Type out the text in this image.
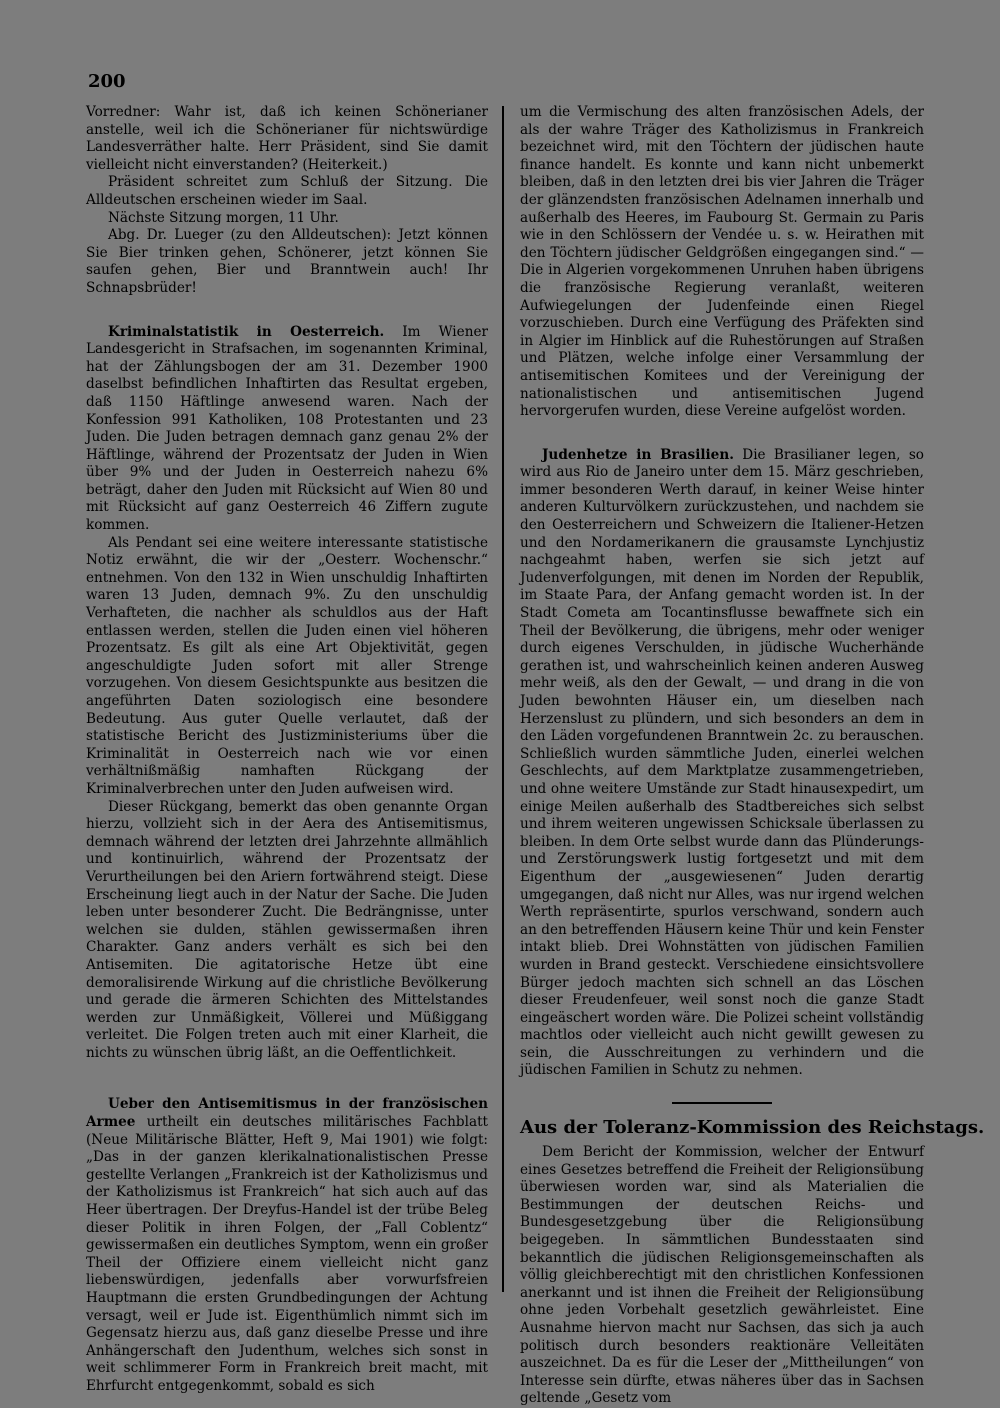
200

Vorredner: Wahr ist, daß ich keinen Schönerianer anstelle, weil ich die Schönerianer für nichtswürdige Landesverräther halte. Herr Präsident, sind Sie damit vielleicht nicht einverstanden? (Heiterkeit.)

Präsident schreitet zum Schluß der Sitzung. Die Alldeutschen erscheinen wieder im Saal.

Nächste Sitzung morgen, 11 Uhr.

Abg. Dr. Lueger (zu den Alldeutschen): Jetzt können Sie Bier trinken gehen, Schönerer, jetzt können Sie saufen gehen, Bier und Branntwein auch! Ihr Schnapsbrüder!

Kriminalstatistik in Oesterreich. Im Wiener Landesgericht in Strafsachen, im sogenannten Kriminal, hat der Zählungsbogen der am 31. Dezember 1900 daselbst befindlichen Inhaftirten das Resultat ergeben, daß 1150 Häftlinge anwesend waren. Nach der Konfession 991 Katholiken, 108 Protestanten und 23 Juden. Die Juden betragen demnach ganz genau 2% der Häftlinge, während der Prozentsatz der Juden in Wien über 9% und der Juden in Oesterreich nahezu 6% beträgt, daher den Juden mit Rücksicht auf Wien 80 und mit Rücksicht auf ganz Oesterreich 46 Ziffern zugute kommen.

Als Pendant sei eine weitere interessante statistische Notiz erwähnt, die wir der „Oesterr. Wochenschr.“ entnehmen. Von den 132 in Wien unschuldig Inhaftirten waren 13 Juden, demnach 9%. Zu den unschuldig Verhafteten, die nachher als schuldlos aus der Haft entlassen werden, stellen die Juden einen viel höheren Prozentsatz. Es gilt als eine Art Objektivität, gegen angeschuldigte Juden sofort mit aller Strenge vorzugehen. Von diesem Gesichtspunkte aus besitzen die angeführten Daten soziologisch eine besondere Bedeutung. Aus guter Quelle verlautet, daß der statistische Bericht des Justizministeriums über die Kriminalität in Oesterreich nach wie vor einen verhältnißmäßig namhaften Rückgang der Kriminalverbrechen unter den Juden aufweisen wird.

Dieser Rückgang, bemerkt das oben genannte Organ hierzu, vollzieht sich in der Aera des Antisemitismus, demnach während der letzten drei Jahrzehnte allmählich und kontinuirlich, während der Prozentsatz der Verurtheilungen bei den Ariern fortwährend steigt. Diese Erscheinung liegt auch in der Natur der Sache. Die Juden leben unter besonderer Zucht. Die Bedrängnisse, unter welchen sie dulden, stählen gewissermaßen ihren Charakter. Ganz anders verhält es sich bei den Antisemiten. Die agitatorische Hetze übt eine demoralisirende Wirkung auf die christliche Bevölkerung und gerade die ärmeren Schichten des Mittelstandes werden zur Unmäßigkeit, Völlerei und Müßiggang verleitet. Die Folgen treten auch mit einer Klarheit, die nichts zu wünschen übrig läßt, an die Oeffentlichkeit.

Ueber den Antisemitismus in der französischen Armee urtheilt ein deutsches militärisches Fachblatt (Neue Militärische Blätter, Heft 9, Mai 1901) wie folgt: „Das in der ganzen klerikalnationalistischen Presse gestellte Verlangen „Frankreich ist der Katholizismus und der Katholizismus ist Frankreich“ hat sich auch auf das Heer übertragen. Der Dreyfus-Handel ist der trübe Beleg dieser Politik in ihren Folgen, der „Fall Coblentz“ gewissermaßen ein deutliches Symptom, wenn ein großer Theil der Offiziere einem vielleicht nicht ganz liebenswürdigen, jedenfalls aber vorwurfsfreien Hauptmann die ersten Grundbedingungen der Achtung versagt, weil er Jude ist. Eigenthümlich nimmt sich im Gegensatz hierzu aus, daß ganz dieselbe Presse und ihre Anhängerschaft den Judenthum, welches sich sonst in weit schlimmerer Form in Frankreich breit macht, mit Ehrfurcht entgegenkommt, sobald es sich

um die Vermischung des alten französischen Adels, der als der wahre Träger des Katholizismus in Frankreich bezeichnet wird, mit den Töchtern der jüdischen haute finance handelt. Es konnte und kann nicht unbemerkt bleiben, daß in den letzten drei bis vier Jahren die Träger der glänzendsten französischen Adelnamen innerhalb und außerhalb des Heeres, im Faubourg St. Germain zu Paris wie in den Schlössern der Vendée u. s. w. Heirathen mit den Töchtern jüdischer Geldgrößen eingegangen sind.“ — Die in Algerien vorgekommenen Unruhen haben übrigens die französische Regierung veranlaßt, weiteren Aufwiegelungen der Judenfeinde einen Riegel vorzuschieben. Durch eine Verfügung des Präfekten sind in Algier im Hinblick auf die Ruhestörungen auf Straßen und Plätzen, welche infolge einer Versammlung der antisemitischen Komitees und der Vereinigung der nationalistischen und antisemitischen Jugend hervorgerufen wurden, diese Vereine aufgelöst worden.

Judenhetze in Brasilien. Die Brasilianer legen, so wird aus Rio de Janeiro unter dem 15. März geschrieben, immer besonderen Werth darauf, in keiner Weise hinter anderen Kulturvölkern zurückzustehen, und nachdem sie den Oesterreichern und Schweizern die Italiener-Hetzen und den Nordamerikanern die grausamste Lynchjustiz nachgeahmt haben, werfen sie sich jetzt auf Judenverfolgungen, mit denen im Norden der Republik, im Staate Para, der Anfang gemacht worden ist. In der Stadt Cometa am Tocantinsflusse bewaffnete sich ein Theil der Bevölkerung, die übrigens, mehr oder weniger durch eigenes Verschulden, in jüdische Wucherhände gerathen ist, und wahrscheinlich keinen anderen Ausweg mehr weiß, als den der Gewalt, — und drang in die von Juden bewohnten Häuser ein, um dieselben nach Herzenslust zu plündern, und sich besonders an dem in den Läden vorgefundenen Branntwein 2c. zu berauschen. Schließlich wurden sämmtliche Juden, einerlei welchen Geschlechts, auf dem Marktplatze zusammengetrieben, und ohne weitere Umstände zur Stadt hinausexpedirt, um einige Meilen außerhalb des Stadtbereiches sich selbst und ihrem weiteren ungewissen Schicksale überlassen zu bleiben. In dem Orte selbst wurde dann das Plünderungs- und Zerstörungswerk lustig fortgesetzt und mit dem Eigenthum der „ausgewiesenen“ Juden derartig umgegangen, daß nicht nur Alles, was nur irgend welchen Werth repräsentirte, spurlos verschwand, sondern auch an den betreffenden Häusern keine Thür und kein Fenster intakt blieb. Drei Wohnstätten von jüdischen Familien wurden in Brand gesteckt. Verschiedene einsichtsvollere Bürger jedoch machten sich schnell an das Löschen dieser Freudenfeuer, weil sonst noch die ganze Stadt eingeäschert worden wäre. Die Polizei scheint vollständig machtlos oder vielleicht auch nicht gewillt gewesen zu sein, die Ausschreitungen zu verhindern und die jüdischen Familien in Schutz zu nehmen.

Aus der Toleranz-Kommission des Reichstags.

Dem Bericht der Kommission, welcher der Entwurf eines Gesetzes betreffend die Freiheit der Religionsübung überwiesen worden war, sind als Materialien die Bestimmungen der deutschen Reichs- und Bundesgesetzgebung über die Religionsübung beigegeben. In sämmtlichen Bundesstaaten sind bekanntlich die jüdischen Religionsgemeinschaften als völlig gleichberechtigt mit den christlichen Konfessionen anerkannt und ist ihnen die Freiheit der Religionsübung ohne jeden Vorbehalt gesetzlich gewährleistet. Eine Ausnahme hiervon macht nur Sachsen, das sich ja auch politisch durch besonders reaktionäre Velleitäten auszeichnet. Da es für die Leser der „Mittheilungen“ von Interesse sein dürfte, etwas näheres über das in Sachsen geltende „Gesetz vom
